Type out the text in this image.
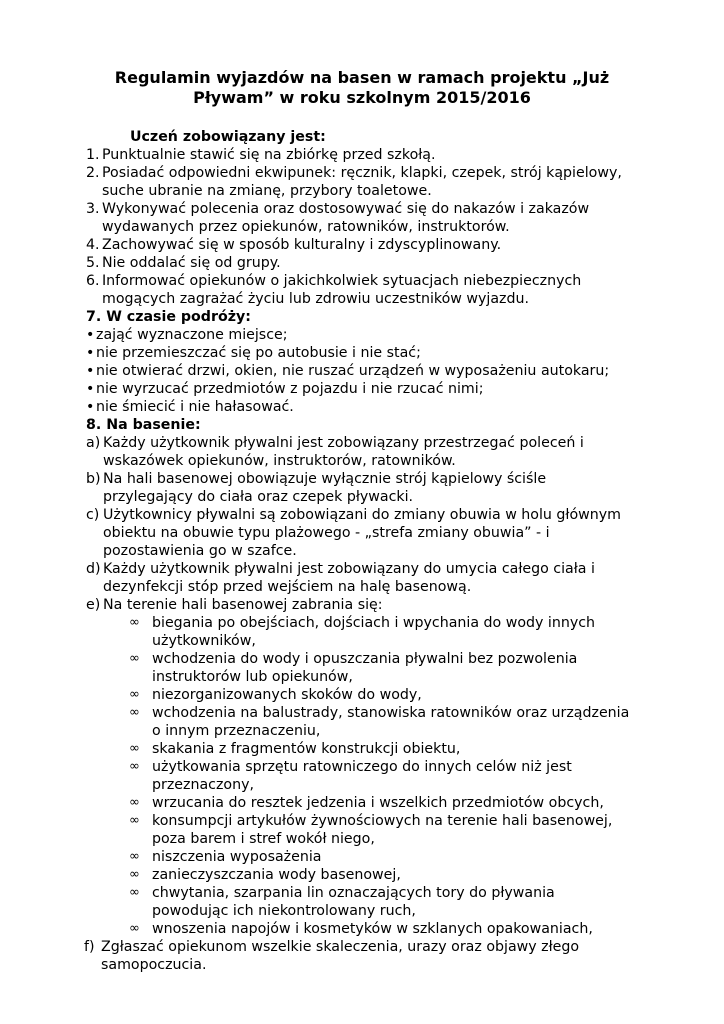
Regulamin wyjazdów na basen w ramach projektu „Już
Pływam” w roku szkolnym 2015/2016
Uczeń zobowiązany jest:
1. Punktualnie stawić się na zbiórkę przed szkołą.
2. Posiadać odpowiedni ekwipunek: ręcznik, klapki, czepek, strój kąpielowy,
suche ubranie na zmianę, przybory toaletowe.
3. Wykonywać polecenia oraz dostosowywać się do nakazów i zakazów
wydawanych przez opiekunów, ratowników, instruktorów.
4. Zachowywać się w sposób kulturalny i zdyscyplinowany.
5. Nie oddalać się od grupy.
6. Informować opiekunów o jakichkolwiek sytuacjach niebezpiecznych
mogących zagrażać życiu lub zdrowiu uczestników wyjazdu.
7. W czasie podróży:
• zająć wyznaczone miejsce;
• nie przemieszczać się po autobusie i nie stać;
• nie otwierać drzwi, okien, nie ruszać urządzeń w wyposażeniu autokaru;
• nie wyrzucać przedmiotów z pojazdu i nie rzucać nimi;
• nie śmiecić i nie hałasować.
8. Na basenie:
a) Każdy użytkownik pływalni jest zobowiązany przestrzegać poleceń i
wskazówek opiekunów, instruktorów, ratowników.
b) Na hali basenowej obowiązuje wyłącznie strój kąpielowy ściśle
przylegający do ciała oraz czepek pływacki.
c) Użytkownicy pływalni są zobowiązani do zmiany obuwia w holu głównym
obiektu na obuwie typu plażowego - „strefa zmiany obuwia” - i
pozostawienia go w szafce.
d) Każdy użytkownik pływalni jest zobowiązany do umycia całego ciała i
dezynfekcji stóp przed wejściem na halę basenową.
e) Na terenie hali basenowej zabrania się:
∞ biegania po obejściach, dojściach i wpychania do wody innych
użytkowników,
∞ wchodzenia do wody i opuszczania pływalni bez pozwolenia
instruktorów lub opiekunów,
∞ niezorganizowanych skoków do wody,
∞ wchodzenia na balustrady, stanowiska ratowników oraz urządzenia
o innym przeznaczeniu,
∞ skakania z fragmentów konstrukcji obiektu,
∞ użytkowania sprzętu ratowniczego do innych celów niż jest
przeznaczony,
∞ wrzucania do resztek jedzenia i wszelkich przedmiotów obcych,
∞ konsumpcji artykułów żywnościowych na terenie hali basenowej,
poza barem i stref wokół niego,
∞ niszczenia wyposażenia
∞ zanieczyszczania wody basenowej,
∞ chwytania, szarpania lin oznaczających tory do pływania
powodując ich niekontrolowany ruch,
∞ wnoszenia napojów i kosmetyków w szklanych opakowaniach,
f) Zgłaszać opiekunom wszelkie skaleczenia, urazy oraz objawy złego
samopoczucia.
